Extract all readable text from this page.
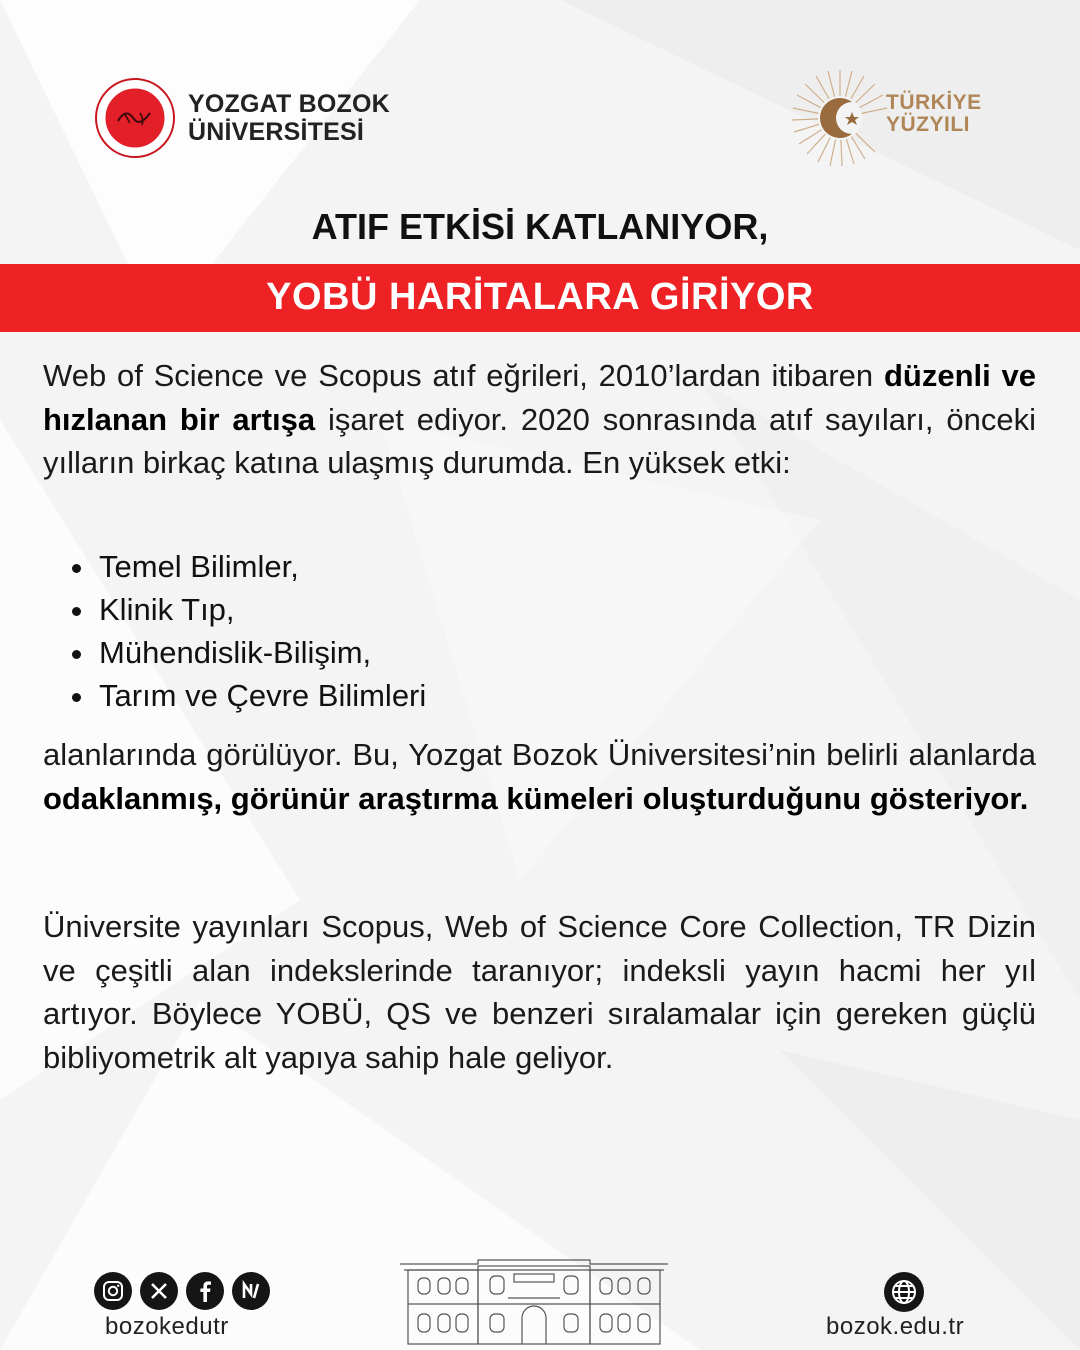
YOZGAT BOZOK
ÜNİVERSİTESİ
TÜRKİYE
YÜZYILI
ATIF ETKİSİ KATLANIYOR,
YOBÜ HARİTALARA GİRİYOR
Web of Science ve Scopus atıf eğrileri, 2010’lardan itibaren düzenli ve hızlanan bir artışa işaret ediyor. 2020 sonrasında atıf sayıları, önceki yılların birkaç katına ulaşmış durumda. En yüksek etki:
Temel Bilimler,
Klinik Tıp,
Mühendislik-Bilişim,
Tarım ve Çevre Bilimleri
alanlarında görülüyor. Bu, Yozgat Bozok Üniversitesi’nin belirli alanlarda odaklanmış, görünür araştırma kümeleri oluşturduğunu gösteriyor.
Üniversite yayınları Scopus, Web of Science Core Collection, TR Dizin ve çeşitli alan indekslerinde taranıyor; indeksli yayın hacmi her yıl artıyor. Böylece YOBÜ, QS ve benzeri sıralamalar için gereken güçlü bibliyometrik alt yapıya sahip hale geliyor.
bozokedutr	bozok.edu.tr
